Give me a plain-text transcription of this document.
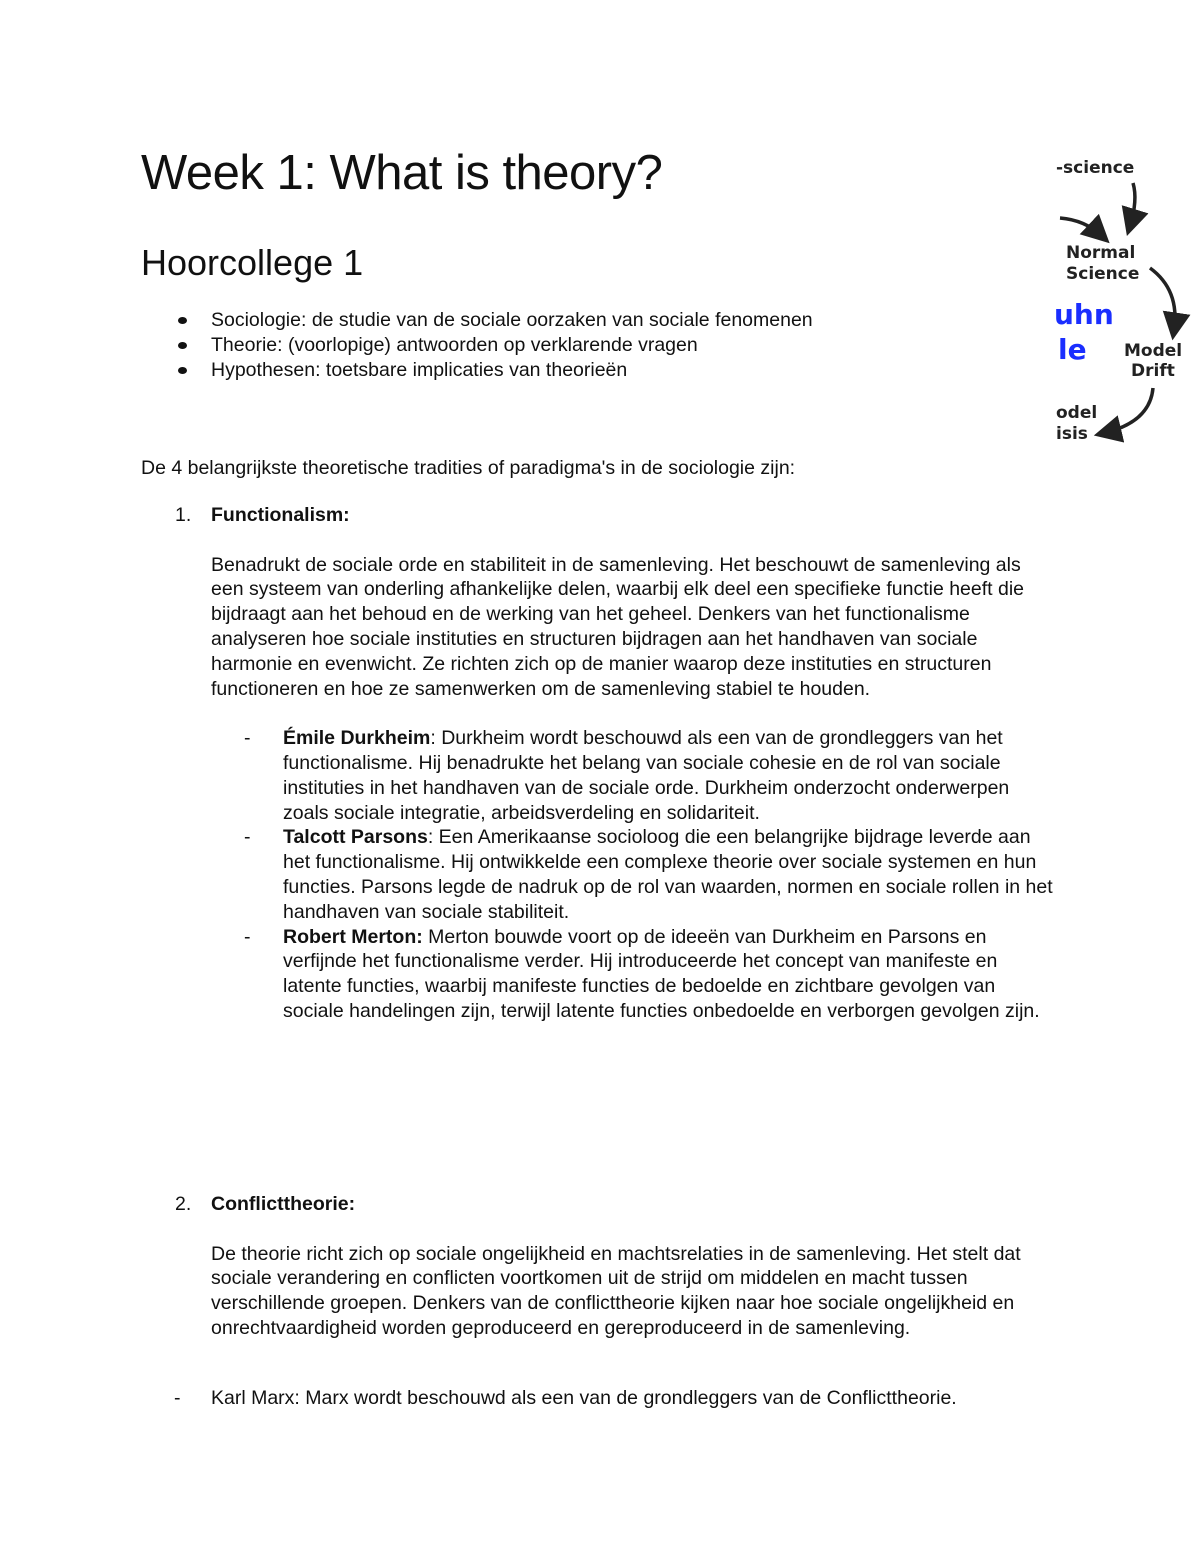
Week 1: What is theory?
Hoorcollege 1
Sociologie: de studie van de sociale oorzaken van sociale fenomenen
Theorie: (voorlopige) antwoorden op verklarende vragen
Hypothesen: toetsbare implicaties van theorieën

De 4 belangrijkste theoretische tradities of paradigma's in de sociologie zijn:

1. Functionalism:

Benadrukt de sociale orde en stabiliteit in de samenleving. Het beschouwt de samenleving als een systeem van onderling afhankelijke delen, waarbij elk deel een specifieke functie heeft die bijdraagt aan het behoud en de werking van het geheel. Denkers van het functionalisme analyseren hoe sociale instituties en structuren bijdragen aan het handhaven van sociale harmonie en evenwicht. Ze richten zich op de manier waarop deze instituties en structuren functioneren en hoe ze samenwerken om de samenleving stabiel te houden.

- Émile Durkheim: Durkheim wordt beschouwd als een van de grondleggers van het functionalisme. Hij benadrukte het belang van sociale cohesie en de rol van sociale instituties in het handhaven van de sociale orde. Durkheim onderzocht onderwerpen zoals sociale integratie, arbeidsverdeling en solidariteit.
- Talcott Parsons: Een Amerikaanse socioloog die een belangrijke bijdrage leverde aan het functionalisme. Hij ontwikkelde een complexe theorie over sociale systemen en hun functies. Parsons legde de nadruk op de rol van waarden, normen en sociale rollen in het handhaven van sociale stabiliteit.
- Robert Merton: Merton bouwde voort op de ideeën van Durkheim en Parsons en verfijnde het functionalisme verder. Hij introduceerde het concept van manifeste en latente functies, waarbij manifeste functies de bedoelde en zichtbare gevolgen van sociale handelingen zijn, terwijl latente functies onbedoelde en verborgen gevolgen zijn.

2. Conflicttheorie:

De theorie richt zich op sociale ongelijkheid en machtsrelaties in de samenleving. Het stelt dat sociale verandering en conflicten voortkomen uit de strijd om middelen en macht tussen verschillende groepen. Denkers van de conflicttheorie kijken naar hoe sociale ongelijkheid en onrechtvaardigheid worden geproduceerd en gereproduceerd in de samenleving.

- Karl Marx: Marx wordt beschouwd als een van de grondleggers van de Conflicttheorie.
-science
Normal
Science
uhn
le Model
Drift
odel
isis
